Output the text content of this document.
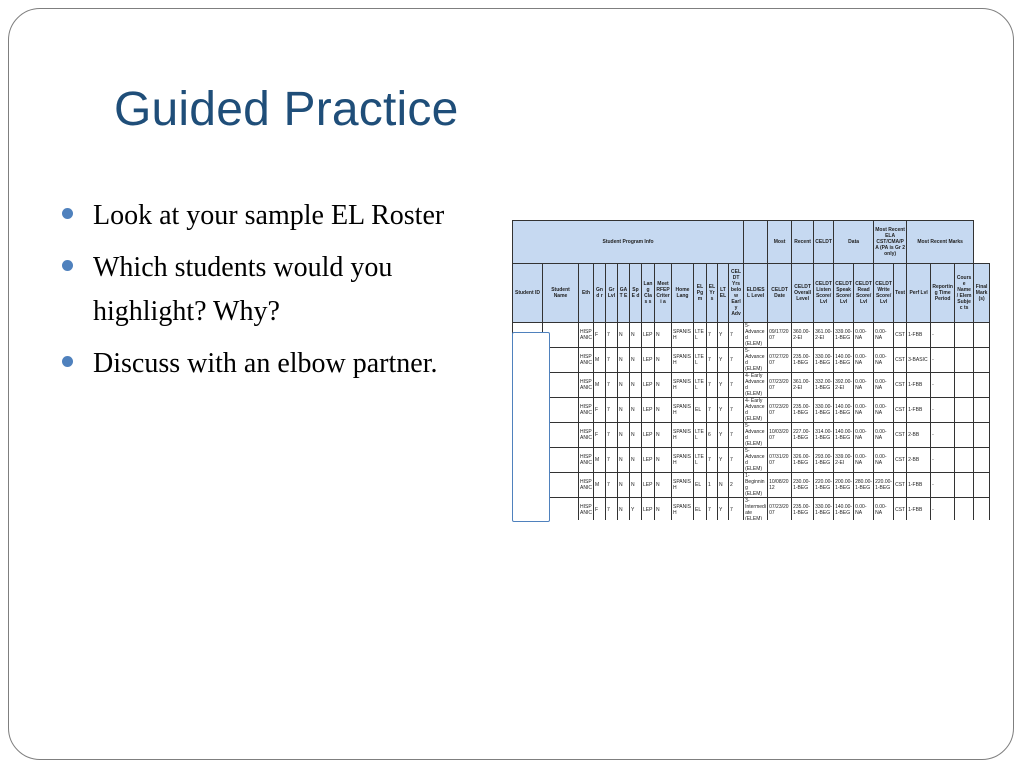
Guided Practice
Look at your sample EL Roster
Which students would you highlight? Why?
Discuss with an elbow partner.
Student Program Info															Most	Recent	CELDT	Data		Most Recent ELA CST/CMA/PA (PA is Gr 2 only)		Most Recent Marks			
Student ID	Student Name	Eth	Gnd r	Gr Lvl	GAT E	SpE d	Lan g Clas s	Meet RFEP Criteri a	Home Lang	EL Pg m	EL Yrs	LT EL	CEL DT Yrs belo w Early Adv	ELD/ES L Level	CELDT Date	CELDT Overall Level	CELDT Listen Score/ Lvl	CELDT Speak Score/ Lvl	CELDT Read Score/ Lvl	CELDT Write Score/ Lvl	Test	Perf Lvl	Reportin g Time Period	Course Name / Elem Subjec ts	Final Mark (s)
		HISP ANIC	F	7	N	N	LEP	N	SPANIS H	LTEL	7	Y	7	5- Advance d (ELEM)	09/17/2007	360.00- 2-EI	361.00- 2-EI	339.00- 1-BEG	0.00-NA	0.00-NA	CST	1-FBB	-		
		HISP ANIC	M	7	N	N	LEP	N	SPANIS H	LTEL	7	Y	7	5- Advance d (ELEM)	07/27/2007	235.00- 1-BEG	330.00- 1-BEG	140.00- 1-BEG	0.00-NA	0.00-NA	CST	3-BASIC	-		
		HISP ANIC	M	7	N	N	LEP	N	SPANIS H	LTEL	7	Y	7	4- Early Advance d (ELEM)	07/23/2007	361.00- 2-EI	332.00- 1-BEG	392.00- 2-EI	0.00-NA	0.00-NA	CST	1-FBB	-		
		HISP ANIC	F	7	N	N	LEP	N	SPANIS H	EL	7	Y	7	4- Early Advance d (ELEM)	07/23/2007	235.00- 1-BEG	330.00- 1-BEG	140.00- 1-BEG	0.00-NA	0.00-NA	CST	1-FBB	-		
		HISP ANIC	F	7	N	N	LEP	N	SPANIS H	LTEL	6	Y	7	5- Advance d (ELEM)	10/03/2007	227.00- 1-BEG	314.00- 1-BEG	140.00- 1-BEG	0.00-NA	0.00-NA	CST	2-BB	-		
		HISP ANIC	M	7	N	N	LEP	N	SPANIS H	LTEL	7	Y	7	5- Advance d (ELEM)	07/31/2007	326.00- 1-BEG	293.00- 1-BEG	339.00- 2-EI	0.00-NA	0.00-NA	CST	2-BB	-		
		HISP ANIC	M	7	N	N	LEP	N	SPANIS H	EL	1	N	2	1- Beginnin g (ELEM)	10/08/2012	230.00- 1-BEG	220.00- 1-BEG	200.00- 1-BEG	280.00- 1-BEG	220.00- 1-BEG	CST	1-FBB	-		
		HISP ANIC	F	7	N	Y	LEP	N	SPANIS H	EL	7	Y	7	3- Intermedi ate (ELEM)	07/23/2007	235.00- 1-BEG	330.00- 1-BEG	140.00- 1-BEG	0.00-NA	0.00-NA	CST	1-FBB	-		
